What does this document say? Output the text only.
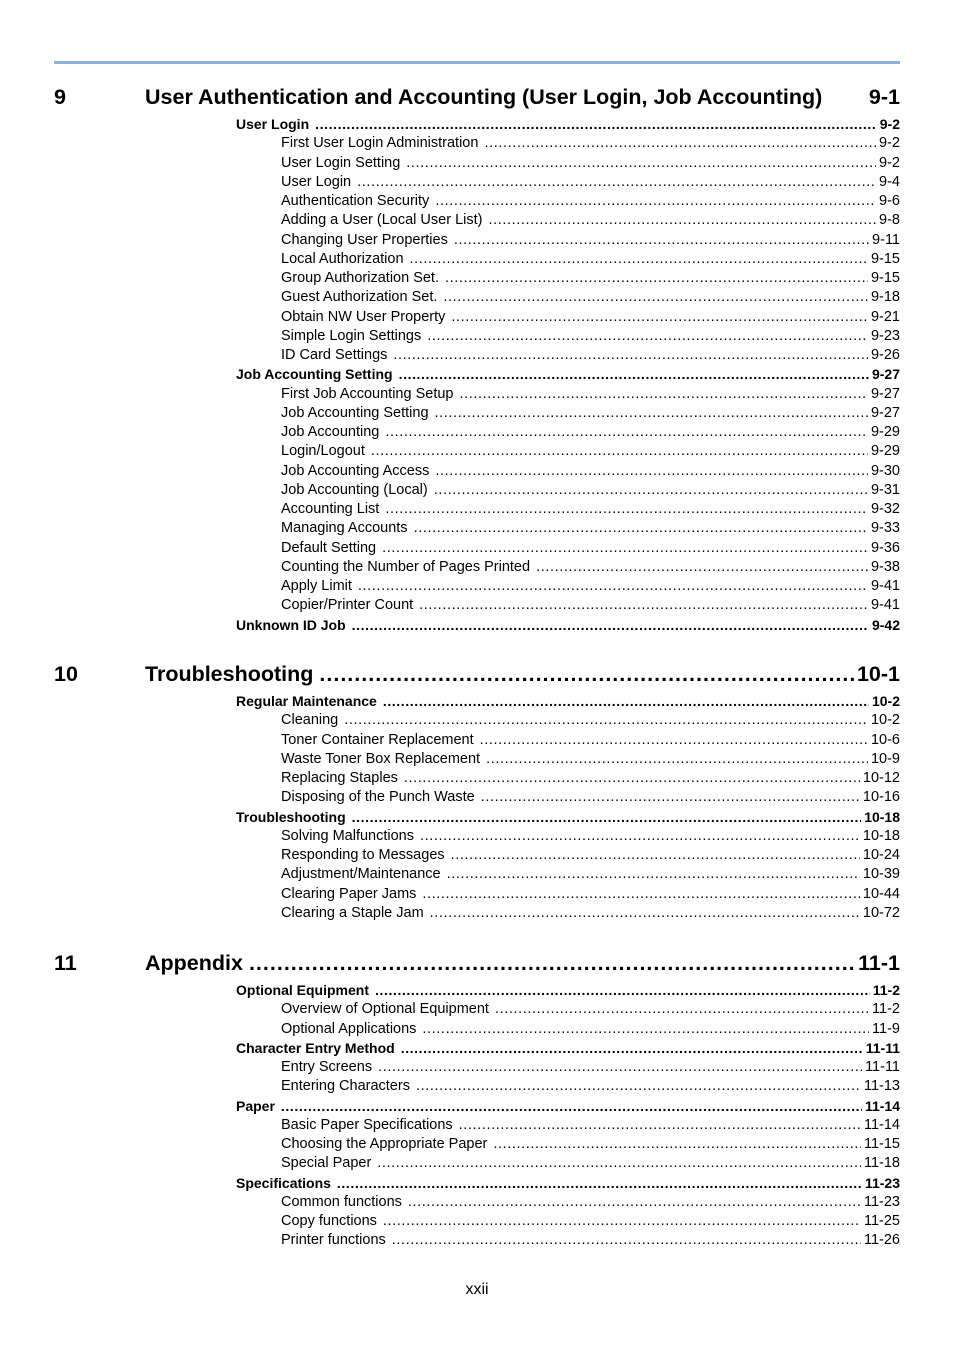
9	User Authentication and Accounting (User Login, Job Accounting) 9-1
User Login .....	9-2
First User Login Administration .....	9-2
User Login Setting .....	9-2
User Login .....	9-4
Authentication Security .....	9-6
Adding a User (Local User List) .....	9-8
Changing User Properties .....	9-11
Local Authorization .....	9-15
Group Authorization Set. .....	9-15
Guest Authorization Set. .....	9-18
Obtain NW User Property .....	9-21
Simple Login Settings .....	9-23
ID Card Settings .....	9-26
Job Accounting Setting .....	9-27
First Job Accounting Setup .....	9-27
Job Accounting Setting .....	9-27
Job Accounting .....	9-29
Login/Logout .....	9-29
Job Accounting Access .....	9-30
Job Accounting (Local) .....	9-31
Accounting List .....	9-32
Managing Accounts .....	9-33
Default Setting .....	9-36
Counting the Number of Pages Printed .....	9-38
Apply Limit .....	9-41
Copier/Printer Count .....	9-41
Unknown ID Job .....	9-42
10	Troubleshooting .....	10-1
Regular Maintenance .....	10-2
Cleaning .....	10-2
Toner Container Replacement .....	10-6
Waste Toner Box Replacement .....	10-9
Replacing Staples .....	10-12
Disposing of the Punch Waste .....	10-16
Troubleshooting .....	10-18
Solving Malfunctions .....	10-18
Responding to Messages .....	10-24
Adjustment/Maintenance .....	10-39
Clearing Paper Jams .....	10-44
Clearing a Staple Jam .....	10-72
11	Appendix .....	11-1
Optional Equipment .....	11-2
Overview of Optional Equipment .....	11-2
Optional Applications .....	11-9
Character Entry Method .....	11-11
Entry Screens .....	11-11
Entering Characters .....	11-13
Paper .....	11-14
Basic Paper Specifications .....	11-14
Choosing the Appropriate Paper .....	11-15
Special Paper .....	11-18
Specifications .....	11-23
Common functions .....	11-23
Copy functions .....	11-25
Printer functions .....	11-26
xxii
